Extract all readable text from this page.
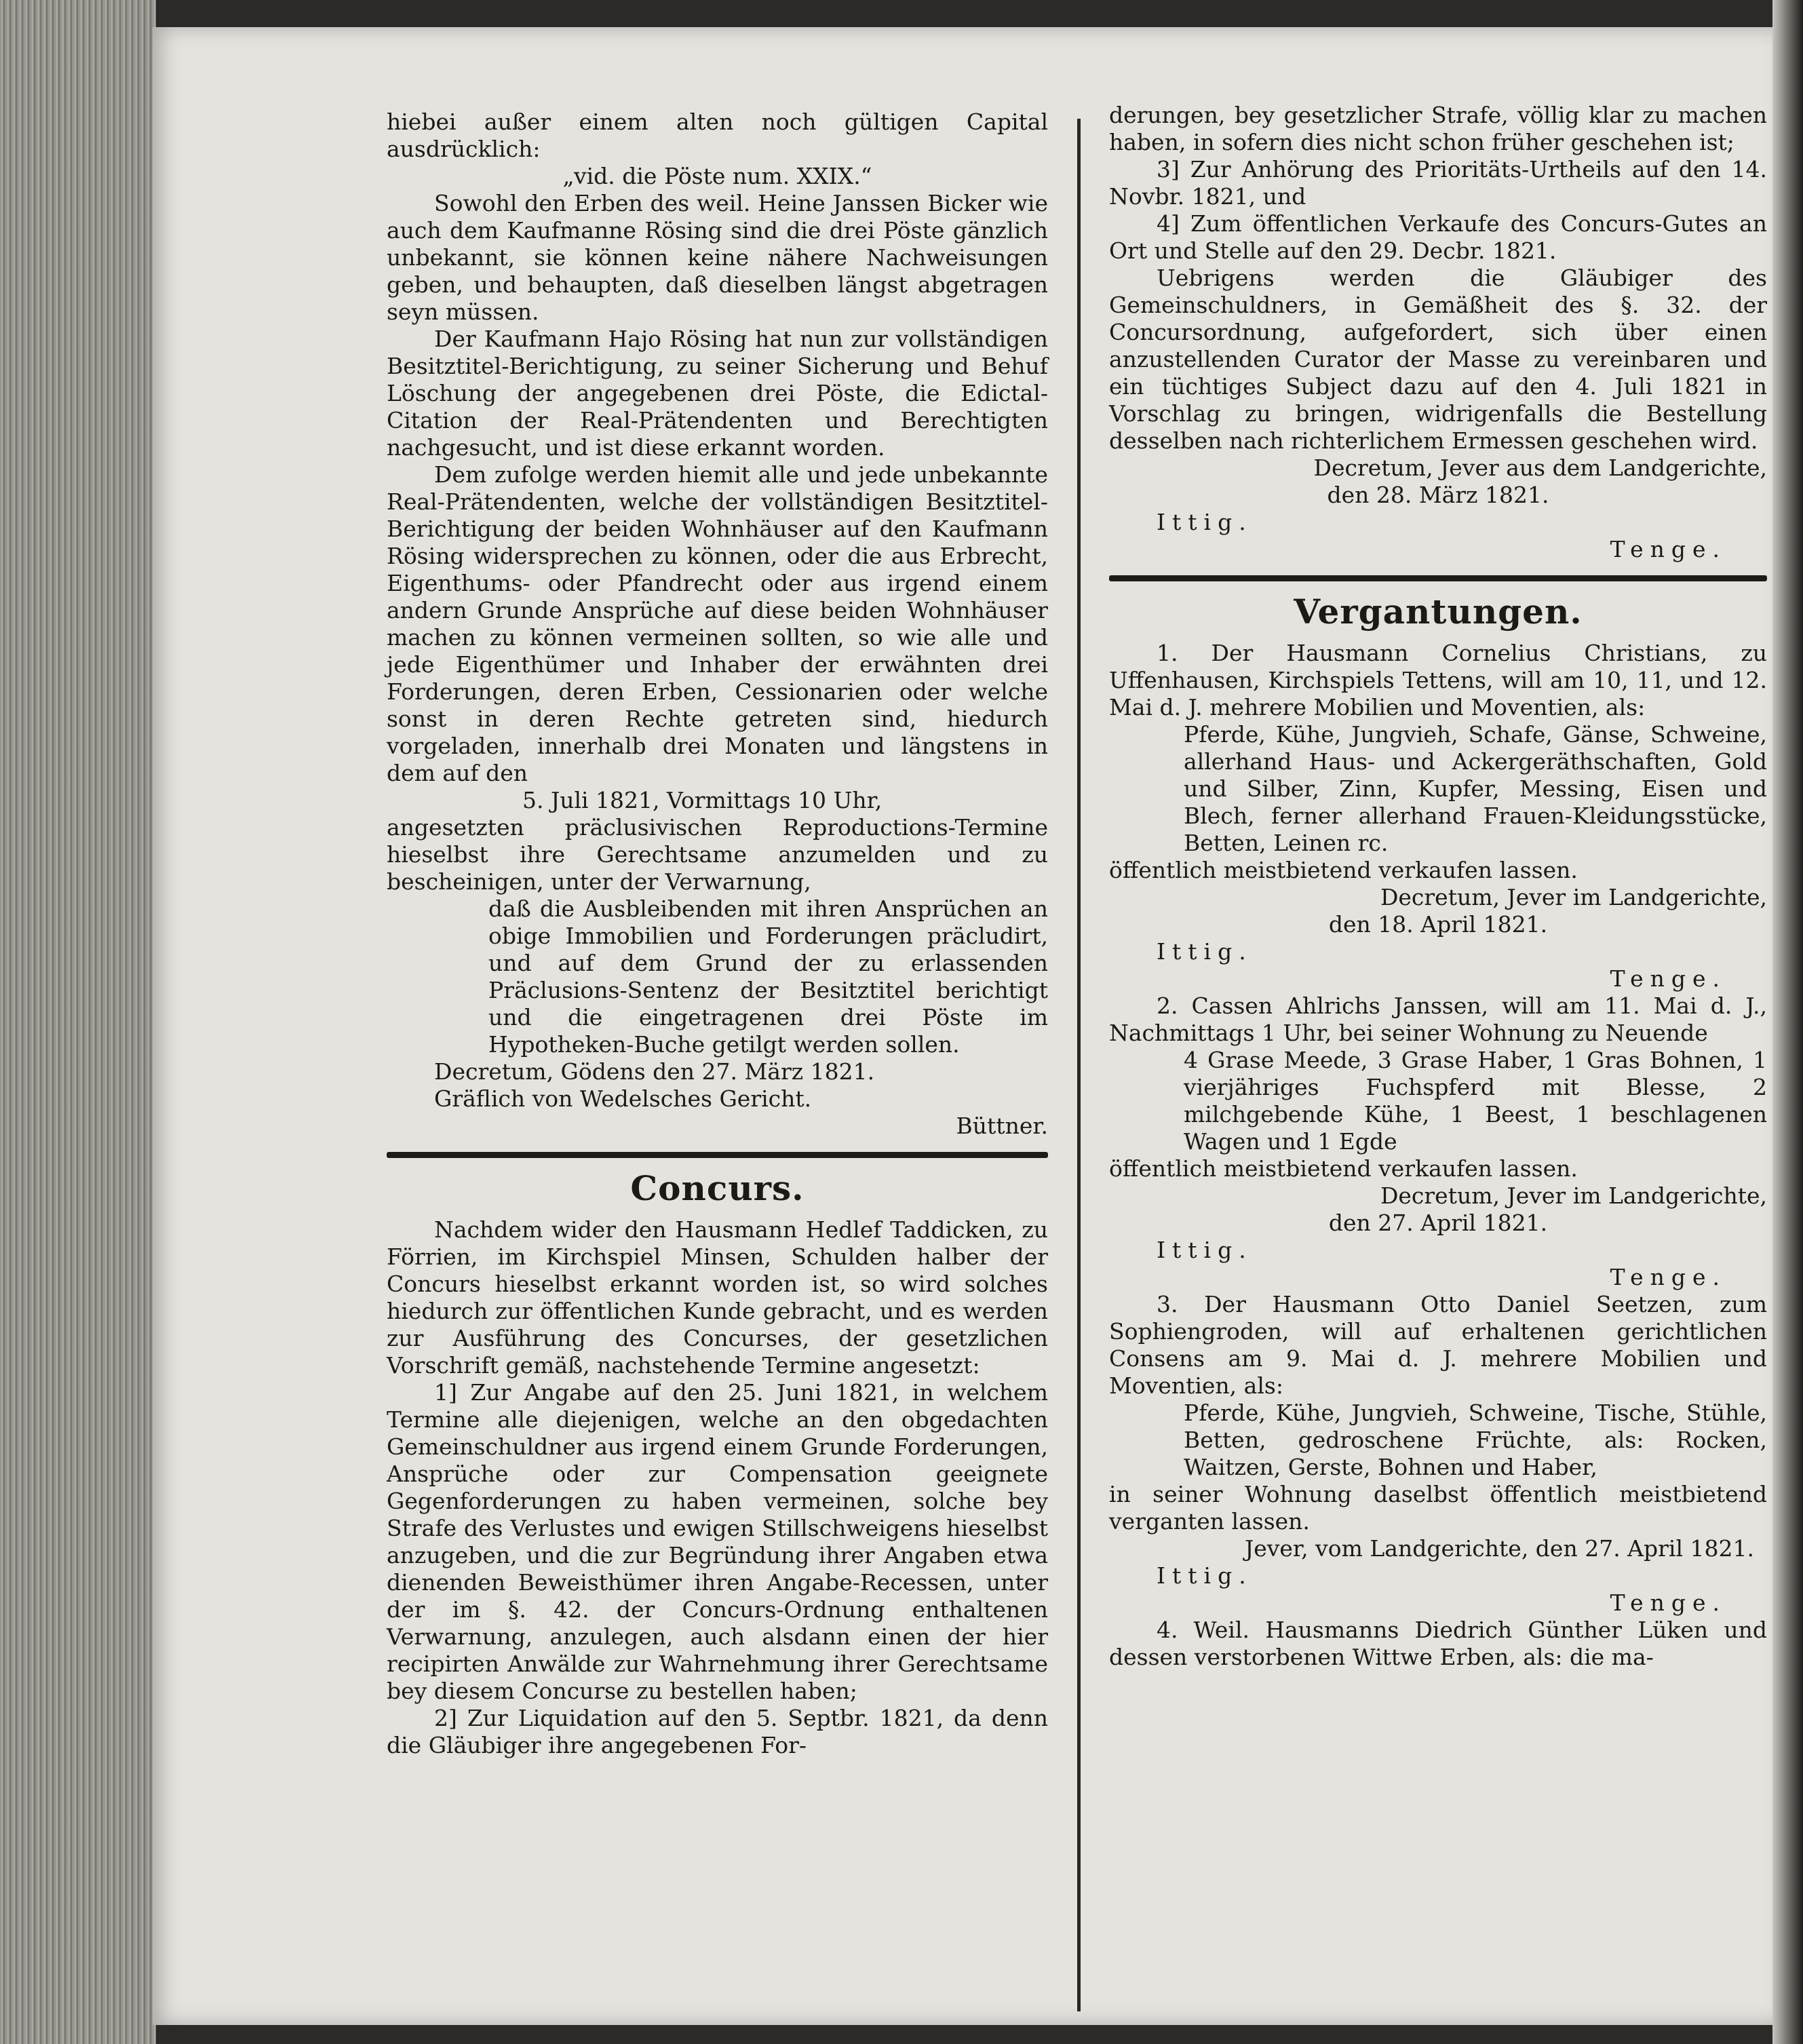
hiebei außer einem alten noch gültigen Capital ausdrücklich:

„vid. die Pöste num. XXIX.“

Sowohl den Erben des weil. Heine Janssen Bicker wie auch dem Kaufmanne Rösing sind die drei Pöste gänzlich unbekannt, sie können keine nähere Nachweisungen geben, und behaupten, daß dieselben längst abgetragen seyn müssen.

Der Kaufmann Hajo Rösing hat nun zur vollständigen Besitztitel-Berichtigung, zu seiner Sicherung und Behuf Löschung der angegebenen drei Pöste, die Edictal-Citation der Real-Prätendenten und Berechtigten nachgesucht, und ist diese erkannt worden.

Dem zufolge werden hiemit alle und jede unbekannte Real-Prätendenten, welche der vollständigen Besitztitel-Berichtigung der beiden Wohnhäuser auf den Kaufmann Rösing widersprechen zu können, oder die aus Erbrecht, Eigenthums- oder Pfandrecht oder aus irgend einem andern Grunde Ansprüche auf diese beiden Wohnhäuser machen zu können vermeinen sollten, so wie alle und jede Eigenthümer und Inhaber der erwähnten drei Forderungen, deren Erben, Cessionarien oder welche sonst in deren Rechte getreten sind, hiedurch vorgeladen, innerhalb drei Monaten und längstens in dem auf den

5. Juli 1821, Vormittags 10 Uhr,

angesetzten präclusivischen Reproductions-Termine hieselbst ihre Gerechtsame anzumelden und zu bescheinigen, unter der Verwarnung,

daß die Ausbleibenden mit ihren Ansprüchen an obige Immobilien und Forderungen präcludirt, und auf dem Grund der zu erlassenden Präclusions-Sentenz der Besitztitel berichtigt und die eingetragenen drei Pöste im Hypotheken-Buche getilgt werden sollen.

Decretum, Gödens den 27. März 1821.

Gräflich von Wedelsches Gericht.

Büttner.

Concurs.

Nachdem wider den Hausmann Hedlef Taddicken, zu Förrien, im Kirchspiel Minsen, Schulden halber der Concurs hieselbst erkannt worden ist, so wird solches hiedurch zur öffentlichen Kunde gebracht, und es werden zur Ausführung des Concurses, der gesetzlichen Vorschrift gemäß, nachstehende Termine angesetzt:

1] Zur Angabe auf den 25. Juni 1821, in welchem Termine alle diejenigen, welche an den obgedachten Gemeinschuldner aus irgend einem Grunde Forderungen, Ansprüche oder zur Compensation geeignete Gegenforderungen zu haben vermeinen, solche bey Strafe des Verlustes und ewigen Stillschweigens hieselbst anzugeben, und die zur Begründung ihrer Angaben etwa dienenden Beweisthümer ihren Angabe-Recessen, unter der im §. 42. der Concurs-Ordnung enthaltenen Verwarnung, anzulegen, auch alsdann einen der hier recipirten Anwälde zur Wahrnehmung ihrer Gerechtsame bey diesem Concurse zu bestellen haben;

2] Zur Liquidation auf den 5. Septbr. 1821, da denn die Gläubiger ihre angegebenen For-

derungen, bey gesetzlicher Strafe, völlig klar zu machen haben, in sofern dies nicht schon früher geschehen ist;

3] Zur Anhörung des Prioritäts-Urtheils auf den 14. Novbr. 1821, und

4] Zum öffentlichen Verkaufe des Concurs-Gutes an Ort und Stelle auf den 29. Decbr. 1821.

Uebrigens werden die Gläubiger des Gemeinschuldners, in Gemäßheit des §. 32. der Concursordnung, aufgefordert, sich über einen anzustellenden Curator der Masse zu vereinbaren und ein tüchtiges Subject dazu auf den 4. Juli 1821 in Vorschlag zu bringen, widrigenfalls die Bestellung desselben nach richterlichem Ermessen geschehen wird.

Decretum, Jever aus dem Landgerichte,

den 28. März 1821.

Ittig.

Tenge.

Vergantungen.

1. Der Hausmann Cornelius Christians, zu Uffenhausen, Kirchspiels Tettens, will am 10, 11, und 12. Mai d. J. mehrere Mobilien und Moventien, als:

Pferde, Kühe, Jungvieh, Schafe, Gänse, Schweine, allerhand Haus- und Ackergeräthschaften, Gold und Silber, Zinn, Kupfer, Messing, Eisen und Blech, ferner allerhand Frauen-Kleidungsstücke, Betten, Leinen rc.

öffentlich meistbietend verkaufen lassen.

Decretum, Jever im Landgerichte,

den 18. April 1821.

Ittig.

Tenge.

2. Cassen Ahlrichs Janssen, will am 11. Mai d. J., Nachmittags 1 Uhr, bei seiner Wohnung zu Neuende

4 Grase Meede, 3 Grase Haber, 1 Gras Bohnen, 1 vierjähriges Fuchspferd mit Blesse, 2 milchgebende Kühe, 1 Beest, 1 beschlagenen Wagen und 1 Egde

öffentlich meistbietend verkaufen lassen.

Decretum, Jever im Landgerichte,

den 27. April 1821.

Ittig.

Tenge.

3. Der Hausmann Otto Daniel Seetzen, zum Sophiengroden, will auf erhaltenen gerichtlichen Consens am 9. Mai d. J. mehrere Mobilien und Moventien, als:

Pferde, Kühe, Jungvieh, Schweine, Tische, Stühle, Betten, gedroschene Früchte, als: Rocken, Waitzen, Gerste, Bohnen und Haber,

in seiner Wohnung daselbst öffentlich meistbietend verganten lassen.

Jever, vom Landgerichte, den 27. April 1821.

Ittig.

Tenge.

4. Weil. Hausmanns Diedrich Günther Lüken und dessen verstorbenen Wittwe Erben, als: die ma-
